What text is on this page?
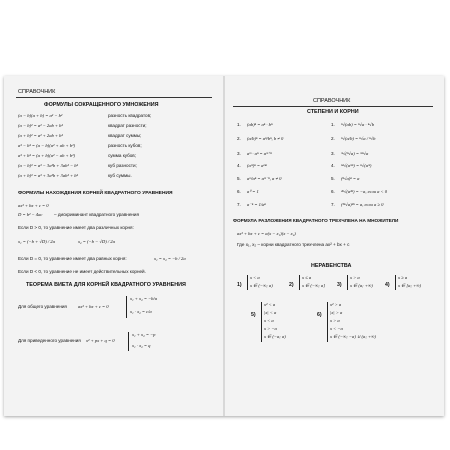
СПРАВОЧНИК
ФОРМУЛЫ СОКРАЩЕННОГО УМНОЖЕНИЯ
(a − b)(a + b) = a² − b²	разность квадратов;
(a − b)² = a² − 2ab + b²	квадрат разности;
(a + b)² = a² + 2ab + b²	квадрат суммы;
a³ − b³ = (a − b)(a² + ab + b²)	разность кубов;
a³ + b³ = (a + b)(a² − ab + b²)	сумма кубов;
(a − b)³ = a³ − 3a²b + 3ab² − b³	куб разности;
(a + b)³ = a³ + 3a²b + 3ab² + b³	куб суммы.
ФОРМУЛЫ НАХОЖДЕНИЯ КОРНЕЙ КВАДРАТНОГО УРАВНЕНИЯ
ax² + bx + c = 0
D = b² − 4ac	– дискриминант квадратного уравнения
Если D > 0, то уравнение имеет два различных корня:
x₁ = (−b + √D) / 2a	x₂ = (−b − √D) / 2a
Если D = 0, то уравнение имеет два равных корня:	x₁ = x₂ = −b / 2a
Если D < 0, то уравнение не имеет действительных корней.
ТЕОРЕМА ВИЕТА ДЛЯ КОРНЕЙ КВАДРАТНОГО УРАВНЕНИЯ
Для общего уравнения ax² + bx + c = 0
x₁ + x₂ = −b/a
x₁ · x₂ = c/a
Для приведенного уравнения x² + px + q = 0
x₁ + x₂ = −p
x₁ · x₂ = q
СПРАВОЧНИК
СТЕПЕНИ И КОРНИ
1. (ab)ⁿ = aⁿ · bⁿ
2. (a/b)ⁿ = aⁿ/bⁿ, b ≠ 0
3. aᵐ · aⁿ = aᵐ⁺ⁿ
4. (aᵐ)ⁿ = aᵐⁿ
5. aᵐ/aⁿ = aᵐ⁻ⁿ, a ≠ 0
6. a⁰ = 1
7. a⁻ⁿ = 1/aⁿ
1. ⁿ√(ab) = ⁿ√a · ⁿ√b
2. ⁿ√(a/b) = ⁿ√a / ⁿ√b
3. ᵐ√(ⁿ√a) = ᵐⁿ√a
4. ⁿᵏ√(aᵐᵏ) = ⁿ√(aᵐ)
5. (ⁿ√a)ⁿ = a
6. ²ⁿ√(a²ⁿ) = −a, если a < 0
7. (²ⁿ√a)²ⁿ = a, если a ≥ 0
ФОРМУЛА РАЗЛОЖЕНИЯ КВАДРАТНОГО ТРЕХЧЛЕНА НА МНОЖИТЕЛИ
ax² + bx + c = a(x − x₁)(x − x₂)
Где x₁, x₂ – корни квадратного трехчлена ax² + bx + c
НЕРАВЕНСТВА
1)
x < a
x ∈ (−∞; a)	2)
x ≤ a
x ∈ (−∞; a] 3)
x > a
x ∈ (a; +∞) 4)
x ≥ a
x ∈ [a; +∞)
5)
x² < a
|x| < a
x < a
x > −a
x ∈ (−a; a)
6)
x² > a
|x| > a
x > a
x < −a
x ∈ (−∞; −a) ∪ (a; +∞)
